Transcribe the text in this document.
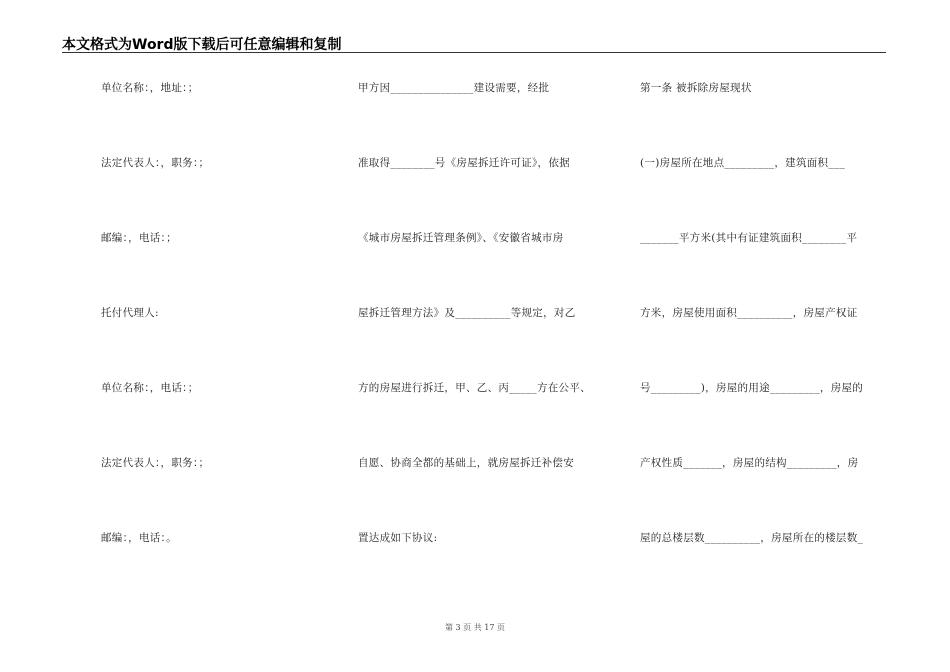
本文格式为Word版下载后可任意编辑和复制
单位名称：，地址：；
法定代表人：，职务：；
邮编：，电话：；
托付代理人:
单位名称：，电话：；
法定代表人：，职务：；
邮编：，电话：。
甲方因_______________建设需要，经批
准取得________号《房屋拆迁许可证》，依据
《城市房屋拆迁管理条例》、《安徽省城市房
屋拆迁管理方法》及__________等规定，对乙
方的房屋进行拆迁，甲、乙、丙_____方在公平、
自愿、协商全都的基础上，就房屋拆迁补偿安
置达成如下协议:
第一条 被拆除房屋现状
(一)房屋所在地点_________，建筑面积___
_______平方米(其中有证建筑面积________平
方米，房屋使用面积__________，房屋产权证
号_________)，房屋的用途_________，房屋的
产权性质_______，房屋的结构_________，房
屋的总楼层数__________，房屋所在的楼层数_
第 3 页 共 17 页
